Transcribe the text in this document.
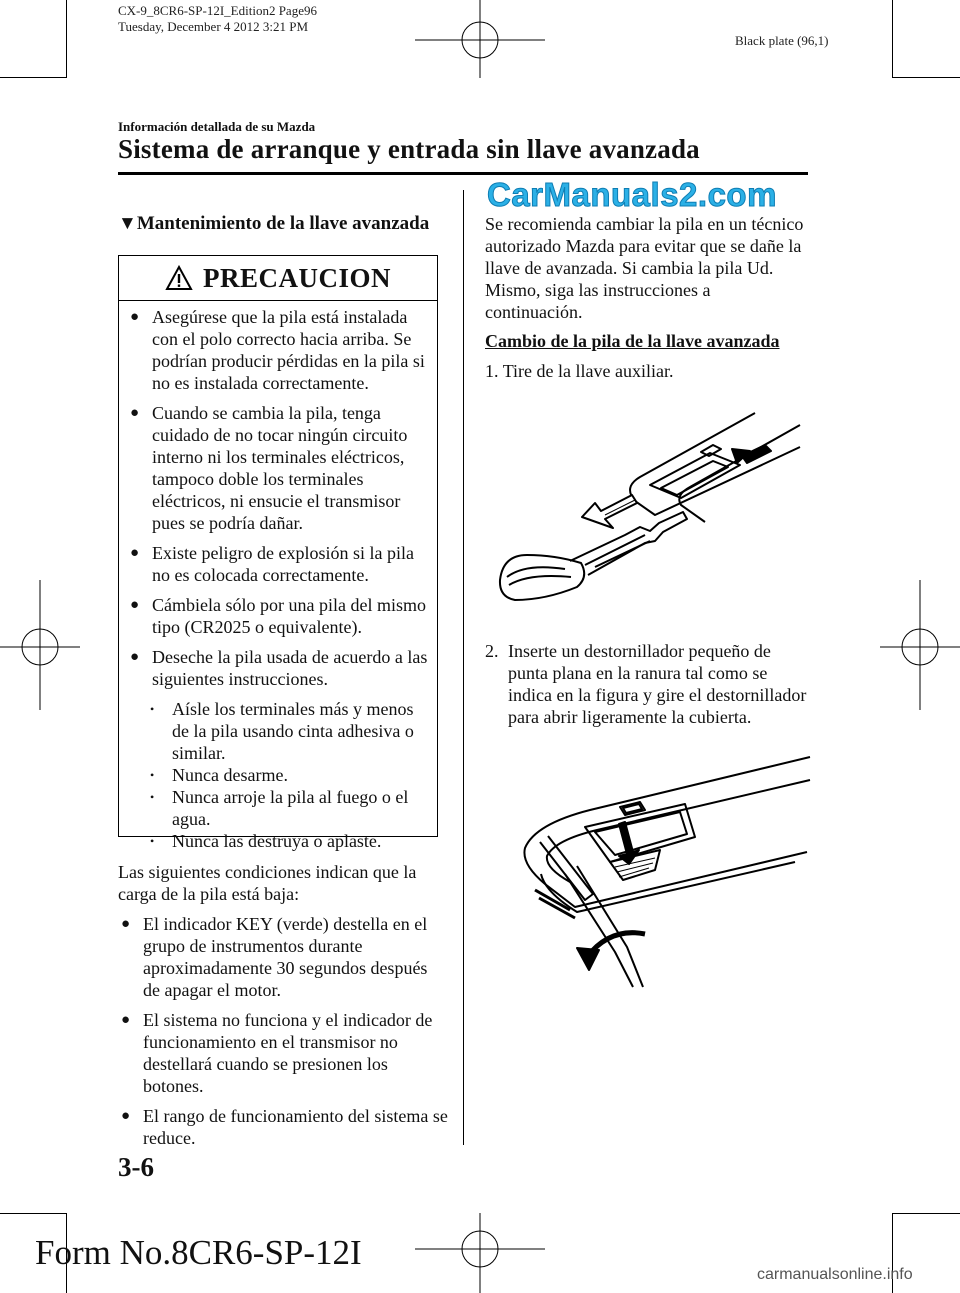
CX-9_8CR6-SP-12I_Edition2 Page96
Tuesday, December 4 2012 3:21 PM
Black plate (96,1)
Información detallada de su Mazda
Sistema de arranque y entrada sin llave avanzada
CarManuals2.com
▼Mantenimiento de la llave avanzada
PRECAUCION
● Asegúrese que la pila está instalada con el polo correcto hacia arriba. Se podrían producir pérdidas en la pila si no es instalada correctamente.
● Cuando se cambia la pila, tenga cuidado de no tocar ningún circuito interno ni los terminales eléctricos, tampoco doble los terminales eléctricos, ni ensucie el transmisor pues se podría dañar.
● Existe peligro de explosión si la pila no es colocada correctamente.
● Cámbiela sólo por una pila del mismo tipo (CR2025 o equivalente).
● Deseche la pila usada de acuerdo a las siguientes instrucciones.
• Aísle los terminales más y menos de la pila usando cinta adhesiva o similar.
• Nunca desarme.
• Nunca arroje la pila al fuego o el agua.
• Nunca las destruya o aplaste.
Las siguientes condiciones indican que la carga de la pila está baja:
● El indicador KEY (verde) destella en el grupo de instrumentos durante aproximadamente 30 segundos después de apagar el motor.
● El sistema no funciona y el indicador de funcionamiento en el transmisor no destellará cuando se presionen los botones.
● El rango de funcionamiento del sistema se reduce.
Se recomienda cambiar la pila en un técnico autorizado Mazda para evitar que se dañe la llave de avanzada. Si cambia la pila Ud. Mismo, siga las instrucciones a continuación.
Cambio de la pila de la llave avanzada
1. Tire de la llave auxiliar.
2. Inserte un destornillador pequeño de punta plana en la ranura tal como se indica en la figura y gire el destornillador para abrir ligeramente la cubierta.
3-6
Form No.8CR6-SP-12I
carmanualsonline.info
